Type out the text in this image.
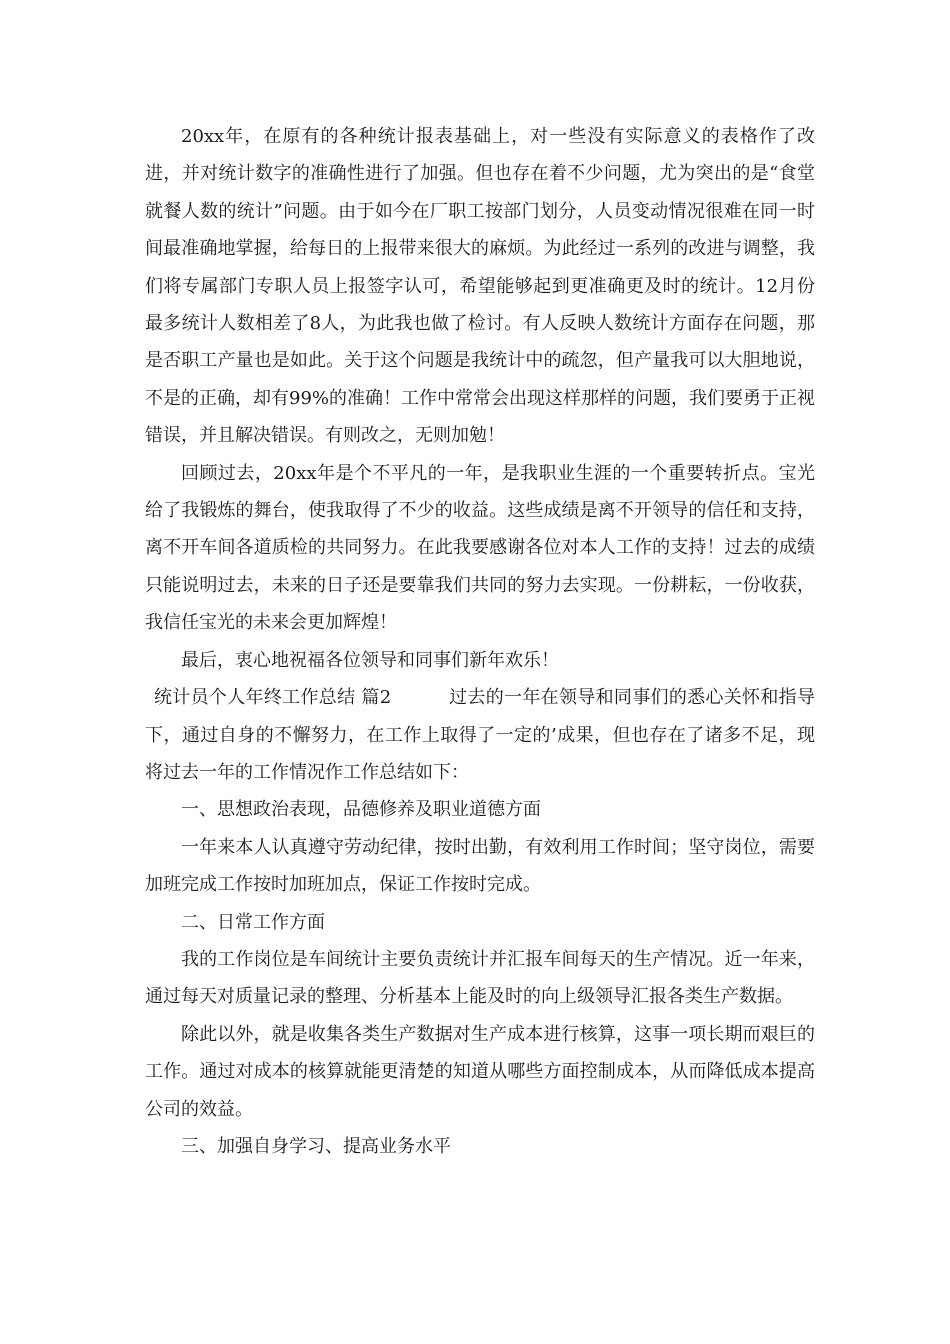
20xx年，在原有的各种统计报表基础上，对一些没有实际意义的表格作了改进，并对统计数字的准确性进行了加强。但也存在着不少问题，尤为突出的是“食堂就餐人数的统计”问题。由于如今在厂职工按部门划分，人员变动情况很难在同一时间最准确地掌握，给每日的上报带来很大的麻烦。为此经过一系列的改进与调整，我们将专属部门专职人员上报签字认可，希望能够起到更准确更及时的统计。12月份最多统计人数相差了8人，为此我也做了检讨。有人反映人数统计方面存在问题，那是否职工产量也是如此。关于这个问题是我统计中的疏忽，但产量我可以大胆地说，不是的正确，却有99%的准确！工作中常常会出现这样那样的问题，我们要勇于正视错误，并且解决错误。有则改之，无则加勉！

回顾过去，20xx年是个不平凡的一年，是我职业生涯的一个重要转折点。宝光给了我锻炼的舞台，使我取得了不少的收益。这些成绩是离不开领导的信任和支持，离不开车间各道质检的共同努力。在此我要感谢各位对本人工作的支持！过去的成绩只能说明过去，未来的日子还是要靠我们共同的努力去实现。一份耕耘，一份收获，我信任宝光的未来会更加辉煌！

最后，衷心地祝福各位领导和同事们新年欢乐！

统计员个人年终工作总结 篇2	过去的一年在领导和同事们的悉心关怀和指导下，通过自身的不懈努力，在工作上取得了一定的’成果，但也存在了诸多不足，现将过去一年的工作情况作工作总结如下：

一、思想政治表现，品德修养及职业道德方面

一年来本人认真遵守劳动纪律，按时出勤，有效利用工作时间；坚守岗位，需要加班完成工作按时加班加点，保证工作按时完成。

二、日常工作方面

我的工作岗位是车间统计主要负责统计并汇报车间每天的生产情况。近一年来，通过每天对质量记录的整理、分析基本上能及时的向上级领导汇报各类生产数据。

除此以外，就是收集各类生产数据对生产成本进行核算，这事一项长期而艰巨的工作。通过对成本的核算就能更清楚的知道从哪些方面控制成本，从而降低成本提高公司的效益。

三、加强自身学习、提高业务水平
